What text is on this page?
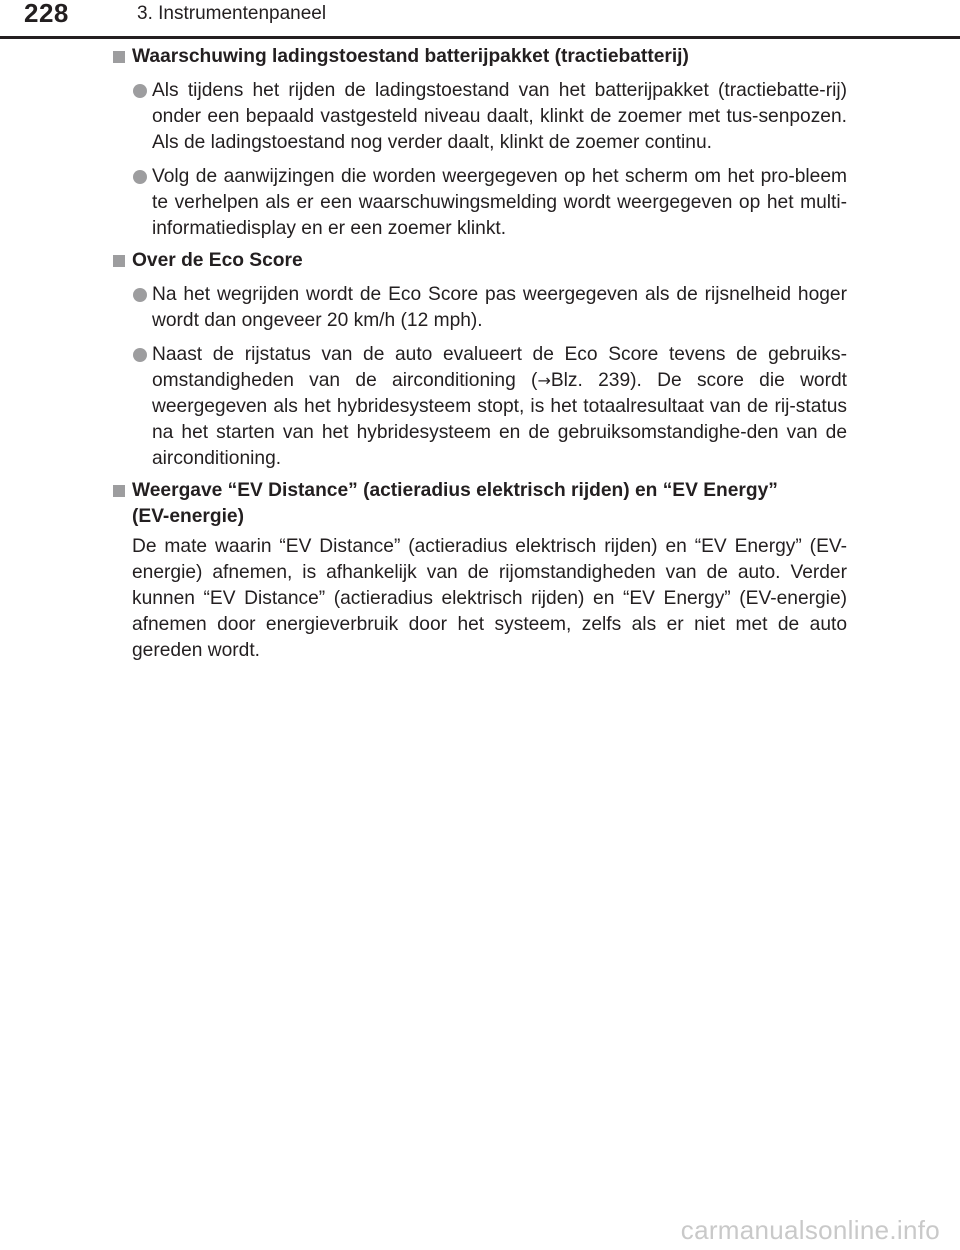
228	3. Instrumentenpaneel
Waarschuwing ladingstoestand batterijpakket (tractiebatterij)
Als tijdens het rijden de ladingstoestand van het batterijpakket (tractiebatte-rij) onder een bepaald vastgesteld niveau daalt, klinkt de zoemer met tus-senpozen. Als de ladingstoestand nog verder daalt, klinkt de zoemer continu.
Volg de aanwijzingen die worden weergegeven op het scherm om het pro-bleem te verhelpen als er een waarschuwingsmelding wordt weergegeven op het multi-informatiedisplay en er een zoemer klinkt.
Over de Eco Score
Na het wegrijden wordt de Eco Score pas weergegeven als de rijsnelheid hoger wordt dan ongeveer 20 km/h (12 mph).
Naast de rijstatus van de auto evalueert de Eco Score tevens de gebruiks-omstandigheden van de airconditioning (→Blz. 239). De score die wordt weergegeven als het hybridesysteem stopt, is het totaalresultaat van de rij-status na het starten van het hybridesysteem en de gebruiksomstandighe-den van de airconditioning.
Weergave “EV Distance” (actieradius elektrisch rijden) en “EV Energy”
(EV-energie)
De mate waarin “EV Distance” (actieradius elektrisch rijden) en “EV Energy” (EV-energie) afnemen, is afhankelijk van de rijomstandigheden van de auto. Verder kunnen “EV Distance” (actieradius elektrisch rijden) en “EV Energy” (EV-energie) afnemen door energieverbruik door het systeem, zelfs als er niet met de auto gereden wordt.
carmanualsonline.info
